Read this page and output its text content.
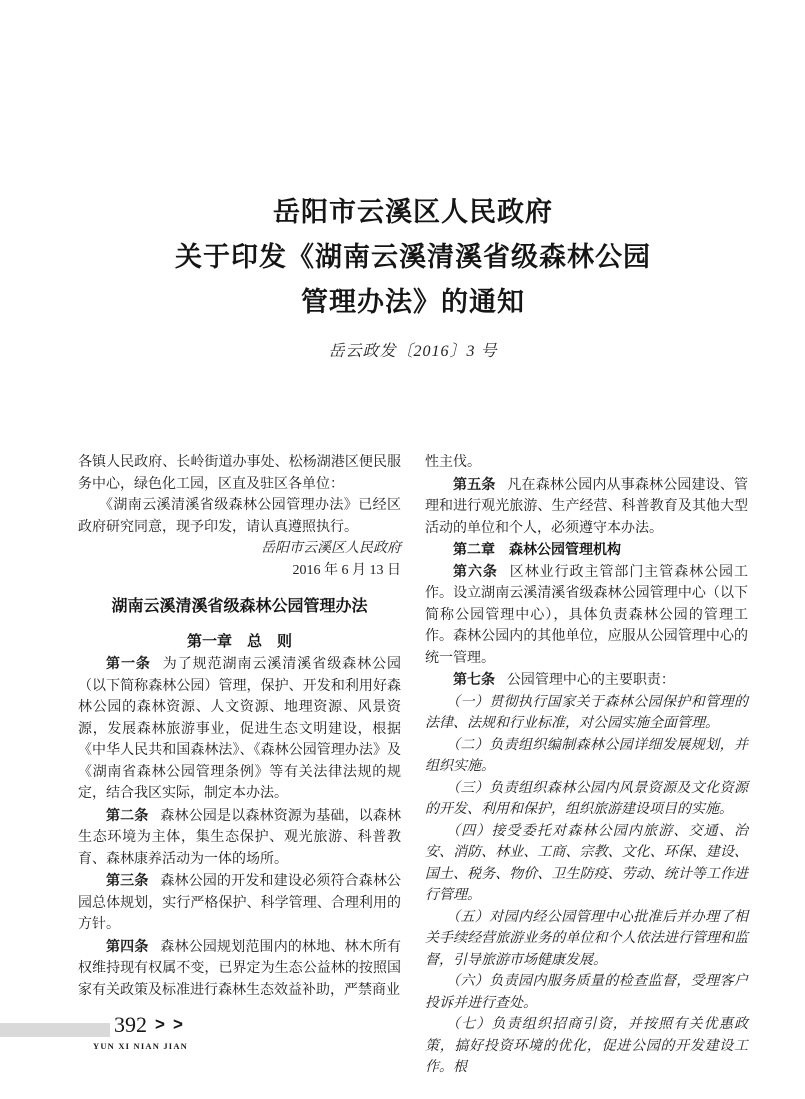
岳阳市云溪区人民政府
关于印发《湖南云溪清溪省级森林公园
管理办法》的通知
岳云政发〔2016〕3 号

各镇人民政府、长岭街道办事处、松杨湖港区便民服务中心，绿色化工园，区直及驻区各单位：

《湖南云溪清溪省级森林公园管理办法》已经区政府研究同意，现予印发，请认真遵照执行。

岳阳市云溪区人民政府

2016 年 6 月 13 日

湖南云溪清溪省级森林公园管理办法

第一章　总　则

第一条 为了规范湖南云溪清溪省级森林公园（以下简称森林公园）管理，保护、开发和利用好森林公园的森林资源、人文资源、地理资源、风景资源，发展森林旅游事业，促进生态文明建设，根据《中华人民共和国森林法》、《森林公园管理办法》及《湖南省森林公园管理条例》等有关法律法规的规定，结合我区实际，制定本办法。

第二条 森林公园是以森林资源为基础，以森林生态环境为主体，集生态保护、观光旅游、科普教育、森林康养活动为一体的场所。

第三条 森林公园的开发和建设必须符合森林公园总体规划，实行严格保护、科学管理、合理利用的方针。

第四条 森林公园规划范围内的林地、林木所有权维持现有权属不变，已界定为生态公益林的按照国家有关政策及标准进行森林生态效益补助，严禁商业

性主伐。

第五条 凡在森林公园内从事森林公园建设、管理和进行观光旅游、生产经营、科普教育及其他大型活动的单位和个人，必须遵守本办法。

第二章　森林公园管理机构

第六条 区林业行政主管部门主管森林公园工作。设立湖南云溪清溪省级森林公园管理中心（以下简称公园管理中心），具体负责森林公园的管理工作。森林公园内的其他单位，应服从公园管理中心的统一管理。

第七条 公园管理中心的主要职责：

（一）贯彻执行国家关于森林公园保护和管理的法律、法规和行业标准，对公园实施全面管理。

（二）负责组织编制森林公园详细发展规划，并组织实施。

（三）负责组织森林公园内风景资源及文化资源的开发、利用和保护，组织旅游建设项目的实施。

（四）接受委托对森林公园内旅游、交通、治安、消防、林业、工商、宗教、文化、环保、建设、国土、税务、物价、卫生防疫、劳动、统计等工作进行管理。

（五）对园内经公园管理中心批准后并办理了相关手续经营旅游业务的单位和个人依法进行管理和监督，引导旅游市场健康发展。

（六）负责园内服务质量的检查监督，受理客户投诉并进行查处。

（七）负责组织招商引资，并按照有关优惠政策，搞好投资环境的优化，促进公园的开发建设工作。根

392 > >
YUN XI NIAN JIAN
